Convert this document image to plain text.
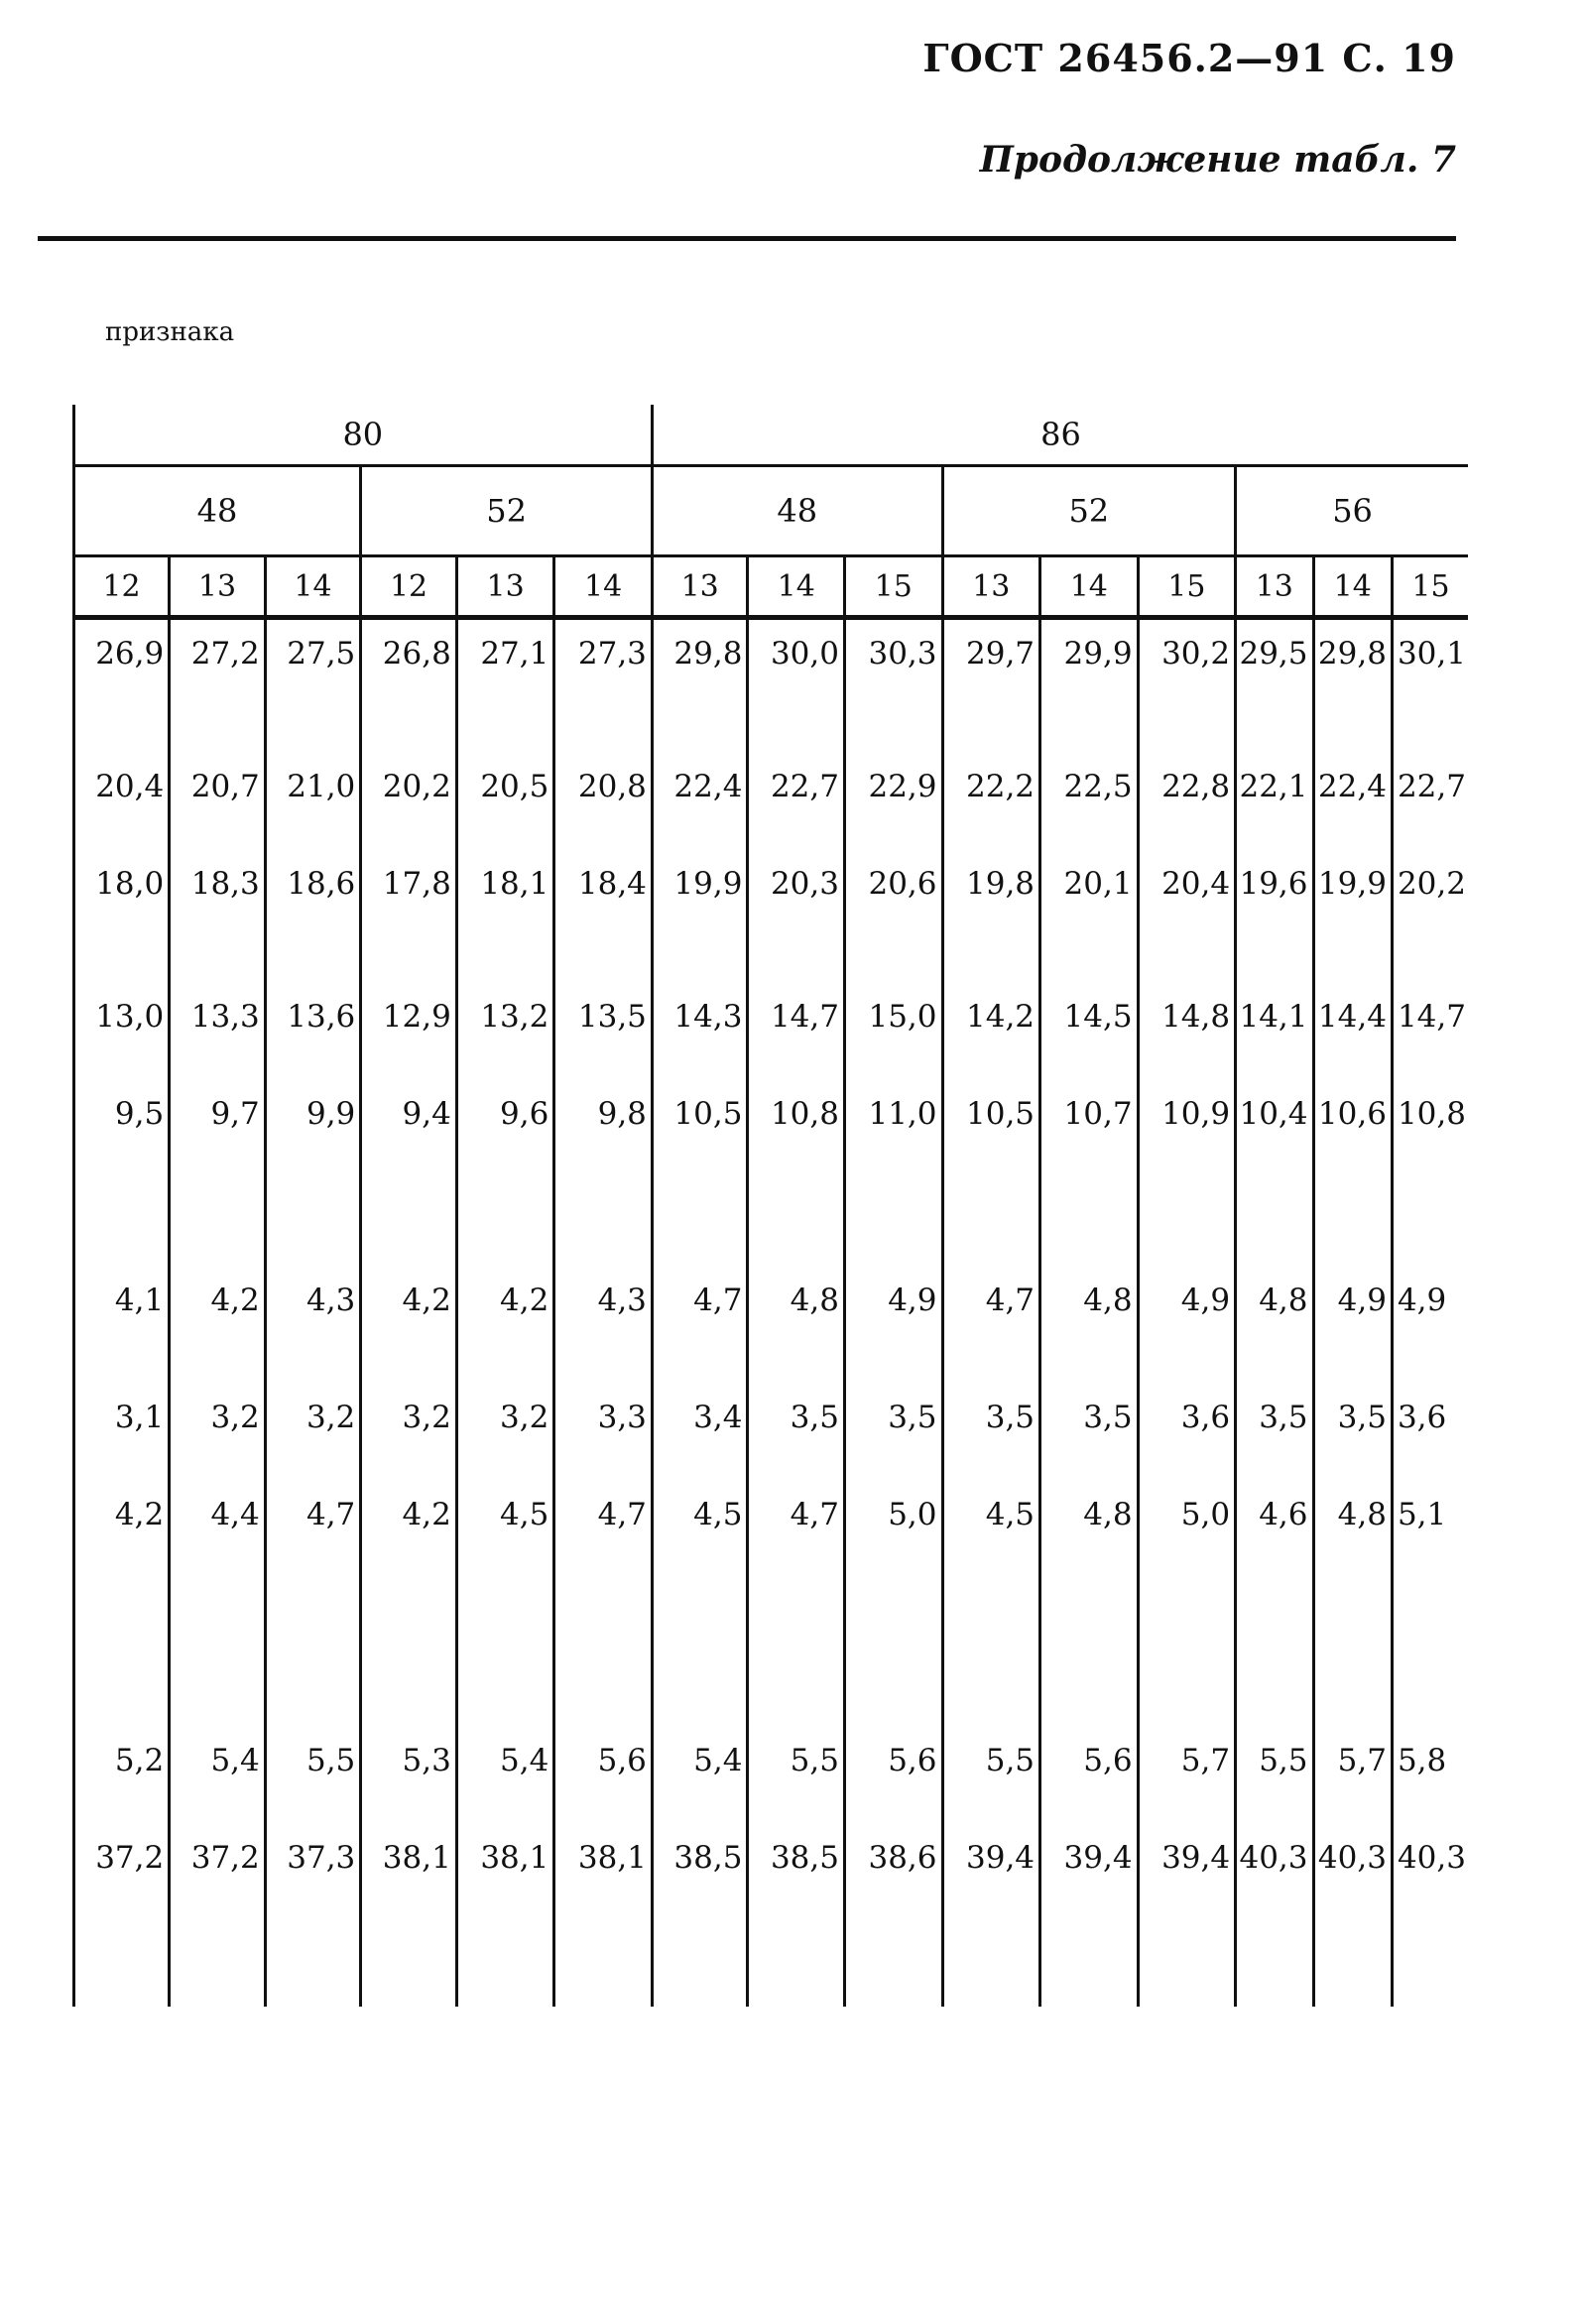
ГОСТ 26456.2—91 С. 19
Продолжение табл. 7
признака
	80						86								
	48			52			48			52			56		
	12	13	14	12	13	14	13	14	15	13	14	15	13	14	15
	26,9	27,2	27,5	26,8	27,1	27,3	29,8	30,0	30,3	29,7	29,9	30,2	29,5	29,8	30,1
	20,4	20,7	21,0	20,2	20,5	20,8	22,4	22,7	22,9	22,2	22,5	22,8	22,1	22,4	22,7
	18,0	18,3	18,6	17,8	18,1	18,4	19,9	20,3	20,6	19,8	20,1	20,4	19,6	19,9	20,2
	13,0	13,3	13,6	12,9	13,2	13,5	14,3	14,7	15,0	14,2	14,5	14,8	14,1	14,4	14,7
	9,5	9,7	9,9	9,4	9,6	9,8	10,5	10,8	11,0	10,5	10,7	10,9	10,4	10,6	10,8
	4,1	4,2	4,3	4,2	4,2	4,3	4,7	4,8	4,9	4,7	4,8	4,9	4,8	4,9	4,9
	3,1	3,2	3,2	3,2	3,2	3,3	3,4	3,5	3,5	3,5	3,5	3,6	3,5	3,5	3,6
	4,2	4,4	4,7	4,2	4,5	4,7	4,5	4,7	5,0	4,5	4,8	5,0	4,6	4,8	5,1
	5,2	5,4	5,5	5,3	5,4	5,6	5,4	5,5	5,6	5,5	5,6	5,7	5,5	5,7	5,8
	37,2	37,2	37,3	38,1	38,1	38,1	38,5	38,5	38,6	39,4	39,4	39,4	40,3	40,3	40,3
